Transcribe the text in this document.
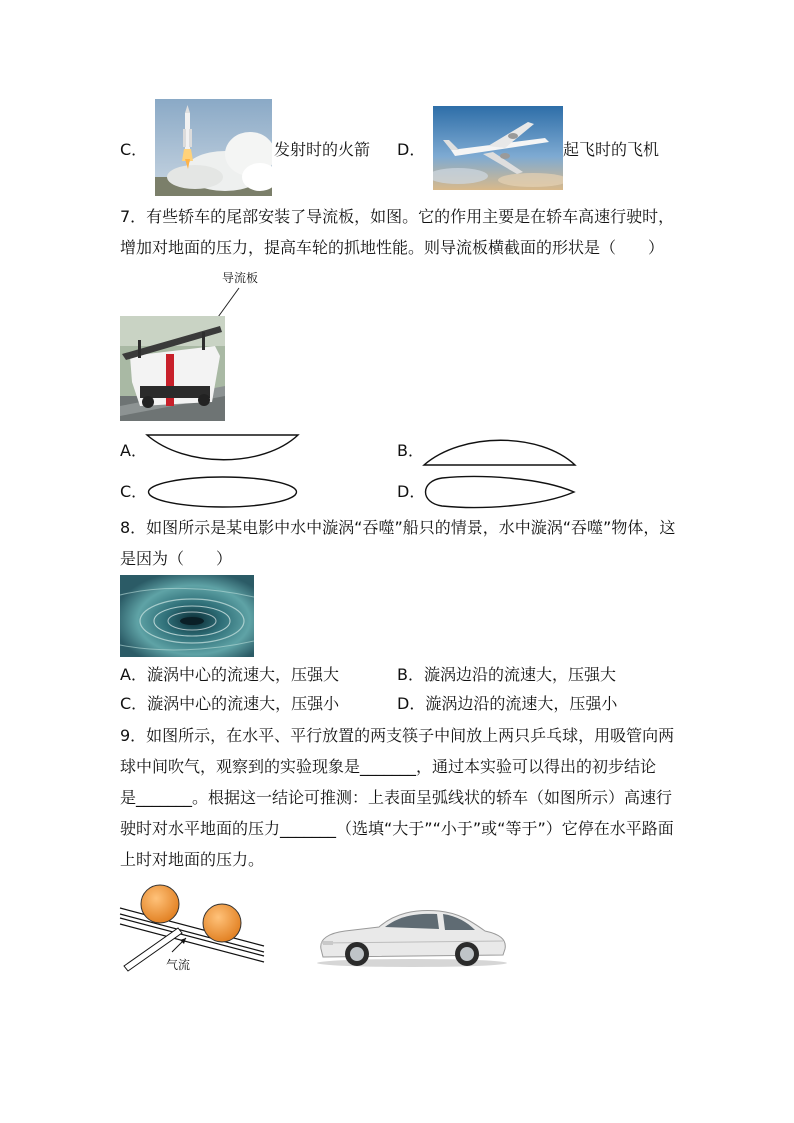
C．	发射时的火箭 D．	起飞时的飞机
7．有些轿车的尾部安装了导流板，如图。它的作用主要是在轿车高速行驶时，
增加对地面的压力，提高车轮的抓地性能。则导流板横截面的形状是（　　）
导流板
A．	B．
C．	D．
8．如图所示是某电影中水中漩涡“吞噬”船只的情景，水中漩涡“吞噬”物体，这
是因为（　　）
A．漩涡中心的流速大，压强大	B．漩涡边沿的流速大，压强大
C．漩涡中心的流速大，压强小	D．漩涡边沿的流速大，压强小
9．如图所示，在水平、平行放置的两支筷子中间放上两只乒乓球，用吸管向两
球中间吹气，观察到的实验现象是_______，通过本实验可以得出的初步结论
是_______。根据这一结论可推测：上表面呈弧线状的轿车（如图所示）高速行
驶时对水平地面的压力_______（选填“大于”“小于”或“等于”）它停在水平路面
上时对地面的压力。
气流
